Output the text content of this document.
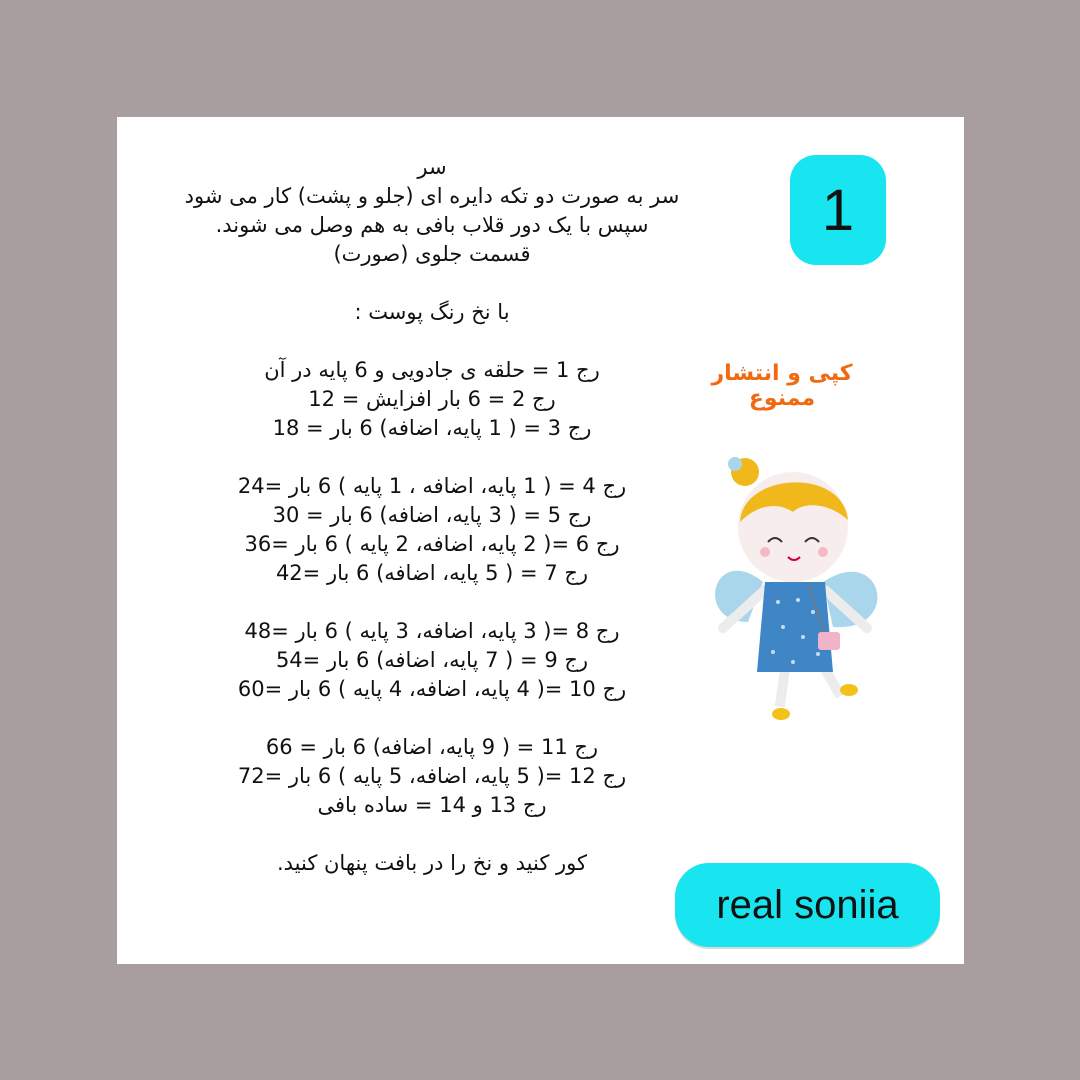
سر
سر به صورت دو تکه دایره ای (جلو و پشت) کار می شود
سپس با یک دور قلاب بافی به هم وصل می شوند.
قسمت جلوی (صورت)
با نخ رنگ پوست :
رج 1 = حلقه ی جادویی و 6 پایه در آن
رج 2 = 6 بار افزایش = 12
رج 3 = ( 1 پایه، اضافه) 6 بار = 18
رج 4 = ( 1 پایه، اضافه ، 1 پایه ) 6 بار =24
رج 5 = ( 3 پایه، اضافه) 6 بار = 30
رج 6 =( 2 پایه، اضافه، 2 پایه ) 6 بار =36
رج 7 = ( 5 پایه، اضافه) 6 بار =42
رج 8 =( 3 پایه، اضافه، 3 پایه ) 6 بار =48
رج 9 = ( 7 پایه، اضافه) 6 بار =54
رج 10 =( 4 پایه، اضافه، 4 پایه ) 6 بار =60
رج 11 = ( 9 پایه، اضافه) 6 بار = 66
رج 12 =( 5 پایه، اضافه، 5 پایه ) 6 بار =72
رج 13 و 14 = ساده بافی
کور کنید و نخ را در بافت پنهان کنید.
1
کپی و انتشار ممنوع
real soniia
